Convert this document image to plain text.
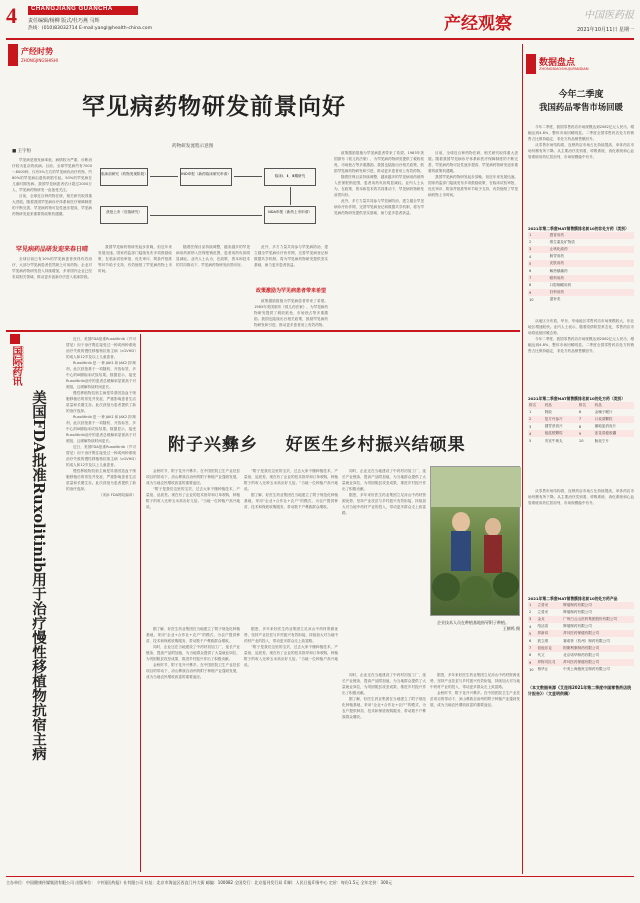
4	CHANGJIANG GUANCHA
责任编辑/杨柳 版式/杜巧燕 马辉
热线：(010)83032714 E-mail:yangl@health-china.com	产经观察	中国医药报
2021年10月11日 星期一
产经时势
ZHONGJINGSHISHI
罕见病药物研发前景向好
■ 王宇恒
药物研发流程示意图
临床前研究（药物发现阶段）	IND申报（新药临床研究申请）	临床Ⅰ、Ⅱ、Ⅲ期研究
NDA申报（新药上市申请）
获批上市（后续研究）

罕见病是指发病率低、病情较为严重、诊断治疗较为复杂的疾病。目前，全球罕见病约有7000～8000种，仅有5%左右的罕见病有治疗药物，约80%的罕见病由遗传缺陷引起，50%的罕见病在儿童时期发病。我国罕见病患者估计超过2000万人，罕见病药物研发一直备受关注。

目前，全球近百种药物在研，相关研究取得重大进展。随着我国罕见病诊疗体系和医疗保障制度的不断完善，罕见病药物可及性逐步提高，罕见病药物研发迎来重要的政策机遇期。

罕见病药品研发迎来春日晴

全球目前已有10%的罕见病患者获得有效治疗，大部分罕见病患者依然缺乏可用药物。企业对罕见病药物研发投入持续增加，多家国内企业已经布局相关领域，推动更多创新疗法进入临床阶段。

我国罕见病药物研发起步虽晚，但近年来发展迅速。国家药监部门陆续发布多项鼓励政策，在临床试验审批、优先审评、附条件批准等环节给予支持，有效缩短了罕见病药物上市时间。

随着医保目录持续调整，越来越多的罕见病用药被纳入医保报销范围，患者用药负担明显减轻。业内人士认为，在政策、资本和技术的共同推动下，罕见病药物研发前景向好。

此外，多方力量共同参与罕见病防治，建立健全罕见病诊疗协作网，完善罕见病登记和数据共享机制，将为罕见病药物研发提供坚实基础，助力更多患者获益。

政策激励为罕见病患者带来希望

政策激励措施为罕见病患者带来了希望。1983年美国颁布《孤儿药法案》，为罕见病药物研发提供了税收抵免、市场独占等多重激励。我国也陆续出台相关政策，鼓励罕见病药物研发和引进，推动更多患者用上有效药物。

政策激励措施为罕见病患者带来了希望。1983年美国颁布《孤儿药法案》，为罕见病药物研发提供了税收抵免、市场独占等多重激励。我国也陆续出台相关政策，鼓励罕见病药物研发和引进，推动更多患者用上有效药物。

随着医保目录持续调整，越来越多的罕见病用药被纳入医保报销范围，患者用药负担明显减轻。业内人士认为，在政策、资本和技术的共同推动下，罕见病药物研发前景向好。

此外，多方力量共同参与罕见病防治，建立健全罕见病诊疗协作网，完善罕见病登记和数据共享机制，将为罕见病药物研发提供坚实基础，助力更多患者获益。

目前，全球近百种药物在研，相关研究取得重大进展。随着我国罕见病诊疗体系和医疗保障制度的不断完善，罕见病药物可及性逐步提高，罕见病药物研发迎来重要的政策机遇期。

我国罕见病药物研发起步虽晚，但近年来发展迅速。国家药监部门陆续发布多项鼓励政策，在临床试验审批、优先审评、附条件批准等环节给予支持，有效缩短了罕见病药物上市时间。

数据盘点
ZHONGBIAOSHUJUPANDIAN
今年二季度
我国药品零售市场回暖

今年二季度，我国零售药店市场规模达到2062亿元人民币，增幅达到4.8%，整体市场回暖明显。二季度全国零售药店处方药销售占比保持稳定，非处方药品销售额回升。

从零售市场结构看，连锁药店市场占比持续提高，单体药店市场份额有所下降。从主要治疗类别看，呼吸系统、消化系统和心血管系统用药位居前列，市场规模稳中有升。

2021年第二季度MAT销售额排名前10的非处方药（类别）
1	感冒用药
2	维生素及矿物质
3	止咳化痰药
4	肠胃用药
5	皮肤用药
6	解热镇痛药
7	眼科用药
8	口腔咽喉用药
9	妇科用药
10	滋补类

从地区分布看，华东、华南地区零售药店市场规模较大，东北地区增速较快。业内人士表示，随着疫情防控常态化，零售药店市场将延续回暖态势。

今年二季度，我国零售药店市场规模达到2062亿元人民币，增幅达到4.8%，整体市场回暖明显。二季度全国零售药店处方药销售占比保持稳定，非处方药品销售额回升。

2021年第二季度MAT销售额排名前10的处方药（类别）
排名	药品	排名	药品
1	阿胶	6	金嗓子喉片
2	复方丹参片	7	口炎清颗粒
3	健胃消食片	8	蒲地蓝消炎片
4	板蓝根颗粒	9	连花清瘟胶囊
5	安宫牛黄丸	10	肠炎宁片

从零售市场结构看，连锁药店市场占比持续提高，单体药店市场份额有所下降。从主要治疗类别看，呼吸系统、消化系统和心血管系统用药位居前列，市场规模稳中有升。

2021年第二季度MAT销售额排名前10的处方药产品
1	立普妥	辉瑞制药有限公司
2	立普妥	辉瑞制药有限公司
3	金戈	广州白云山医药集团股份有限公司
4	络活喜	辉瑞制药有限公司
5	拜新同	拜耳医药保健有限公司
6	波立维	赛诺菲（杭州）制药有限公司
7	倍他乐克	阿斯利康制药有限公司
8	代文	北京诺华制药有限公司
9	拜阿司匹灵	拜耳医药保健有限公司
10	格华止	中美上海施贵宝制药有限公司
（本文数据来源《艾昆纬2021年第二季度中国零售药店统计报告》）（文显明供稿）
国际药讯 GUOJIYAOXUN
美国FDA批准Ruxolitinib用于治疗慢性移植物抗宿主病

近日，美国FDA批准Ruxolitinib（芦可替尼）用于治疗既往接受过一种或两种系统治疗失败的慢性移植物抗宿主病（cGVHD）的成人和12岁及以上儿童患者。

Ruxolitinib是一种JAK1和JAK2抑制剂，此次获批基于一项随机、开放标签、多中心的Ⅲ期临床试验结果。数据显示，接受Ruxolitinib治疗的患者总缓解率显著高于对照组，且缓解持续时间更长。

慢性移植物抗宿主病是异基因造血干细胞移植后的常见并发症，严重影响患者生活质量和长期生存。此次获批为患者提供了新的治疗选择。

Ruxolitinib是一种JAK1和JAK2抑制剂，此次获批基于一项随机、开放标签、多中心的Ⅲ期临床试验结果。数据显示，接受Ruxolitinib治疗的患者总缓解率显著高于对照组，且缓解持续时间更长。

近日，美国FDA批准Ruxolitinib（芦可替尼）用于治疗既往接受过一种或两种系统治疗失败的慢性移植物抗宿主病（cGVHD）的成人和12岁及以上儿童患者。

慢性移植物抗宿主病是异基因造血干细胞移植后的常见并发症，严重影响患者生活质量和长期生存。此次获批为患者提供了新的治疗选择。

（宋添 FDA网站编译）

附子兴彝乡    好医生乡村振兴结硕果

金秋时节，附子花开兴彝乡。在中国医院卫生产业扶贫项目的带动下，凉山彝族自治州的附子种植产业蓬勃发展，成为当地农民增收致富的重要途径。

“附子是我们这里的宝贝，过去大家不懂种植技术，产量低、品质差。现在有了企业的技术指导和订单收购，种植附子的收入比种玉米高出好几倍。”当地一位种植户高兴地说。

“附子是我们这里的宝贝，过去大家不懂种植技术，产量低、品质差。现在有了企业的技术指导和订单收购，种植附子的收入比种玉米高出好几倍。”当地一位种植户高兴地说。

据了解，好医生药业集团在当地建立了附子规范化种植基地，采用“企业+合作社+农户”的模式，为农户提供种苗、技术和保底收购服务，带动数千户彝族群众增收。

同时，企业还在当地建设了中药材初加工厂，延长产业链条，提高产品附加值，为当地群众提供了大量就业岗位，为巩固脱贫攻坚成果、推进乡村振兴作出了积极贡献。

据悉，多年来好医生药业集团立足凉山中药材资源优势，坚持产业扶贫与乡村振兴有效衔接，持续加大对当地中药材产业的投入，带动更多群众走上致富路。

企业技术人员在种植基地指导附子种植。

王鹤鸣 摄

据了解，好医生药业集团在当地建立了附子规范化种植基地，采用“企业+合作社+农户”的模式，为农户提供种苗、技术和保底收购服务，带动数千户彝族群众增收。

同时，企业还在当地建设了中药材初加工厂，延长产业链条，提高产品附加值，为当地群众提供了大量就业岗位，为巩固脱贫攻坚成果、推进乡村振兴作出了积极贡献。

金秋时节，附子花开兴彝乡。在中国医院卫生产业扶贫项目的带动下，凉山彝族自治州的附子种植产业蓬勃发展，成为当地农民增收致富的重要途径。

据悉，多年来好医生药业集团立足凉山中药材资源优势，坚持产业扶贫与乡村振兴有效衔接，持续加大对当地中药材产业的投入，带动更多群众走上致富路。

“附子是我们这里的宝贝，过去大家不懂种植技术，产量低、品质差。现在有了企业的技术指导和订单收购，种植附子的收入比种玉米高出好几倍。”当地一位种植户高兴地说。

同时，企业还在当地建设了中药材初加工厂，延长产业链条，提高产品附加值，为当地群众提供了大量就业岗位，为巩固脱贫攻坚成果、推进乡村振兴作出了积极贡献。

据了解，好医生药业集团在当地建立了附子规范化种植基地，采用“企业+合作社+农户”的模式，为农户提供种苗、技术和保底收购服务，带动数千户彝族群众增收。

据悉，多年来好医生药业集团立足凉山中药材资源优势，坚持产业扶贫与乡村振兴有效衔接，持续加大对当地中药材产业的投入，带动更多群众走上致富路。

金秋时节，附子花开兴彝乡。在中国医院卫生产业扶贫项目的带动下，凉山彝族自治州的附子种植产业蓬勃发展，成为当地农民增收致富的重要途径。

主办单位：中国健康传媒集团有限公司 出版单位：《中国医药报》社有限公司 社址：北京市海淀区西直门外大街 邮编：100082 全国发行：北京报刊发行局 印刷：人民日报印务中心 定价：每份1.5元 全年定价：300元
